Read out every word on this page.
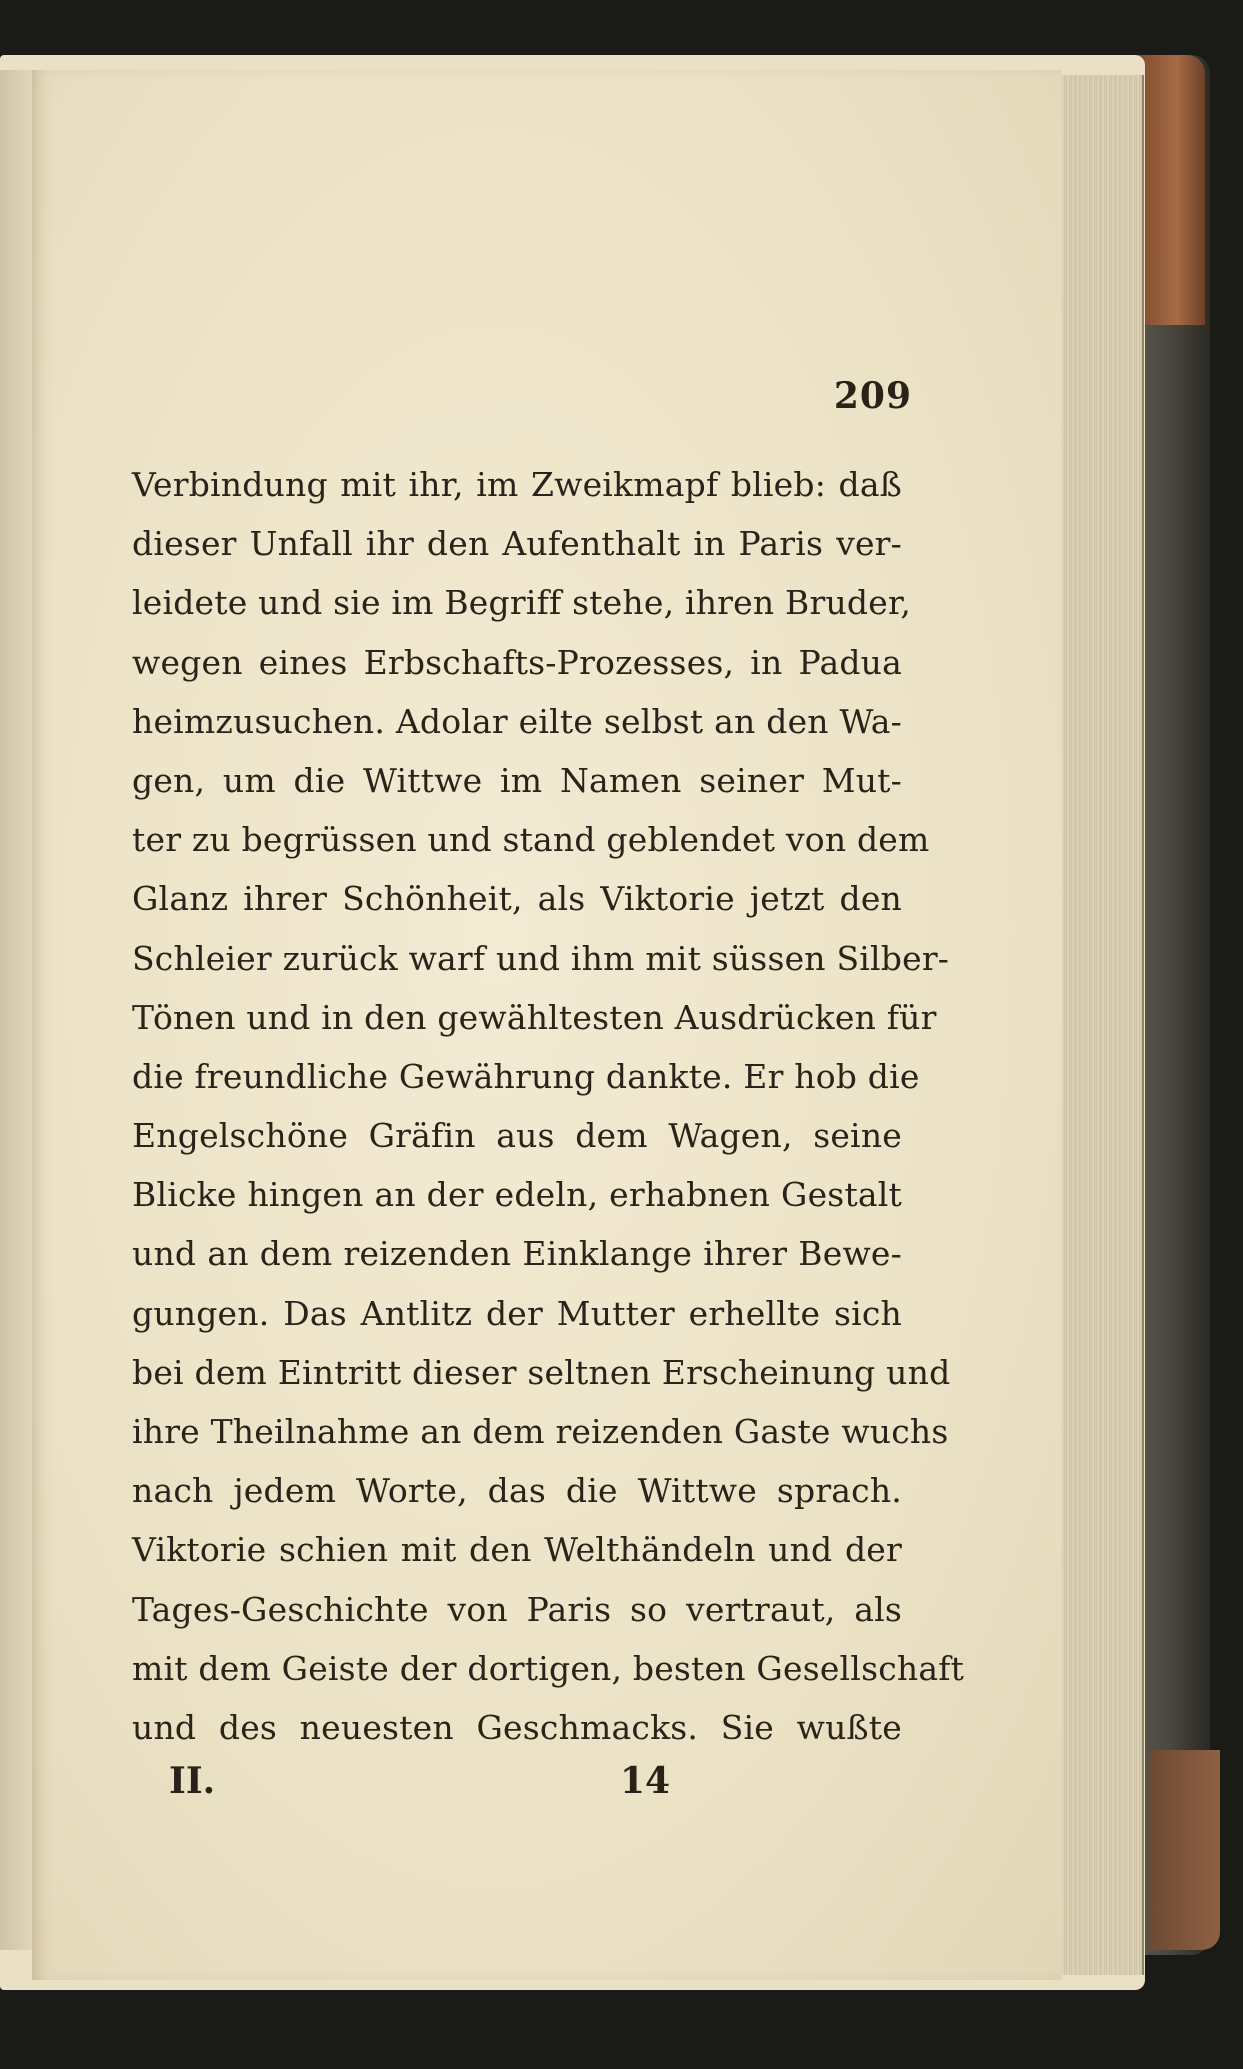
209
Verbindung mit ihr, im Zweikmapf blieb: daß
dieser Unfall ihr den Aufenthalt in Paris ver-
leidete und sie im Begriff stehe, ihren Bruder,
wegen eines Erbschafts-Prozesses, in Padua
heimzusuchen. Adolar eilte selbst an den Wa-
gen, um die Wittwe im Namen seiner Mut-
ter zu begrüssen und stand geblendet von dem
Glanz ihrer Schönheit, als Viktorie jetzt den
Schleier zurück warf und ihm mit süssen Silber-
Tönen und in den gewähltesten Ausdrücken für
die freundliche Gewährung dankte. Er hob die
Engelschöne Gräfin aus dem Wagen, seine
Blicke hingen an der edeln, erhabnen Gestalt
und an dem reizenden Einklange ihrer Bewe-
gungen. Das Antlitz der Mutter erhellte sich
bei dem Eintritt dieser seltnen Erscheinung und
ihre Theilnahme an dem reizenden Gaste wuchs
nach jedem Worte, das die Wittwe sprach.
Viktorie schien mit den Welthändeln und der
Tages-Geschichte von Paris so vertraut, als
mit dem Geiste der dortigen, besten Gesellschaft
und des neuesten Geschmacks. Sie wußte
II.	14
